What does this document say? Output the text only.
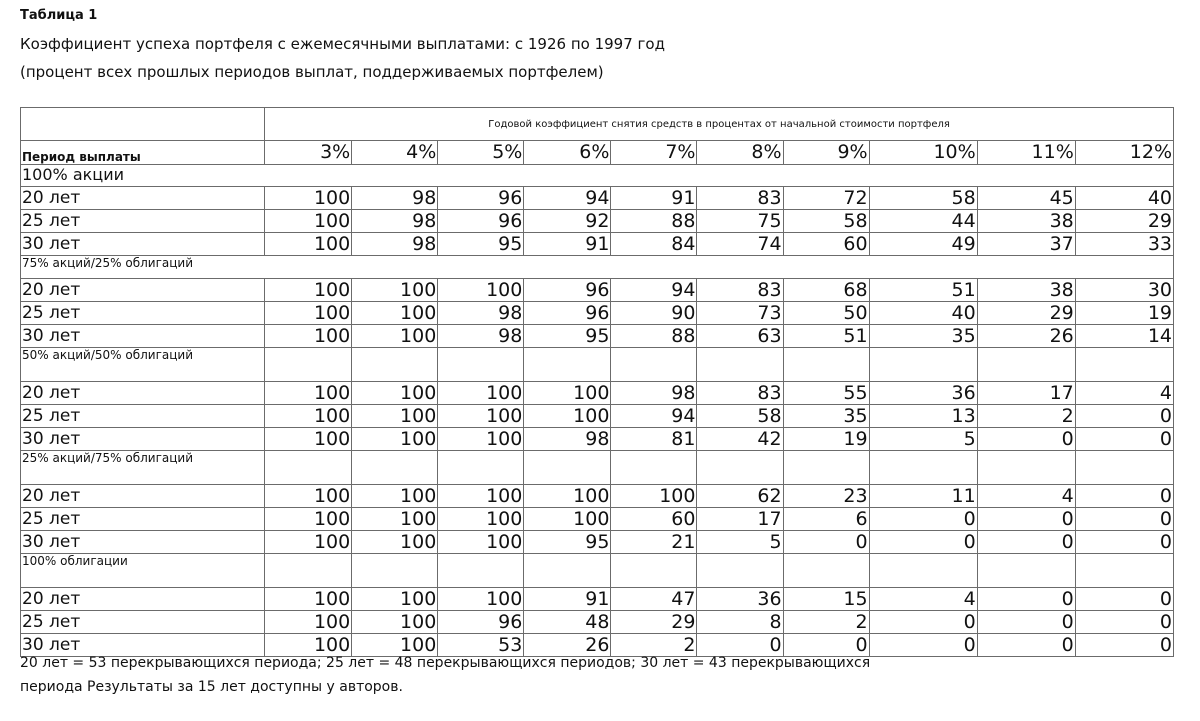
Таблица 1
Коэффициент успеха портфеля с ежемесячными выплатами: с 1926 по 1997 год
(процент всех прошлых периодов выплат, поддерживаемых портфелем)
	Годовой коэффициент снятия средств в процентах от начальной стоимости портфеля									
Период выплаты	3%	4%	5%	6%	7%	8%	9%	10%	11%	12%
100% акции										
20 лет	100	98	96	94	91	83	72	58	45	40
25 лет	100	98	96	92	88	75	58	44	38	29
30 лет	100	98	95	91	84	74	60	49	37	33
75% акций/25% облигаций										
20 лет	100	100	100	96	94	83	68	51	38	30
25 лет	100	100	98	96	90	73	50	40	29	19
30 лет	100	100	98	95	88	63	51	35	26	14
50% акций/50% облигаций										
20 лет	100	100	100	100	98	83	55	36	17	4
25 лет	100	100	100	100	94	58	35	13	2	0
30 лет	100	100	100	98	81	42	19	5	0	0
25% акций/75% облигаций										
20 лет	100	100	100	100	100	62	23	11	4	0
25 лет	100	100	100	100	60	17	6	0	0	0
30 лет	100	100	100	95	21	5	0	0	0	0
100% облигации										
20 лет	100	100	100	91	47	36	15	4	0	0
25 лет	100	100	96	48	29	8	2	0	0	0
30 лет	100	100	53	26	2	0	0	0	0	0
20 лет = 53 перекрывающихся периода; 25 лет = 48 перекрывающихся периодов; 30 лет = 43 перекрывающихся
периода Результаты за 15 лет доступны у авторов.
